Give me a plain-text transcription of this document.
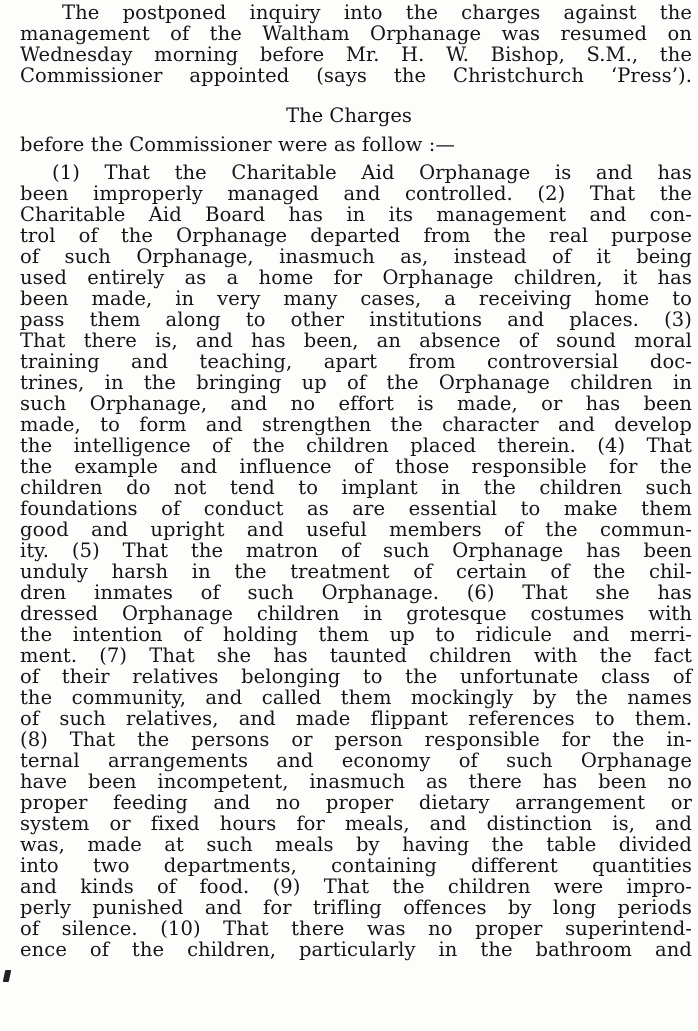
The postponed inquiry into the charges against the
management of the Waltham Orphanage was resumed on
Wednesday morning before Mr. H. W. Bishop, S.M., the
Commissioner appointed (says the Christchurch ‘Press’).
The Charges
before the Commissioner were as follow :—
(1) That the Charitable Aid Orphanage is and has
been improperly managed and controlled. (2) That the
Charitable Aid Board has in its management and con-
trol of the Orphanage departed from the real purpose
of such Orphanage, inasmuch as, instead of it being
used entirely as a home for Orphanage children, it has
been made, in very many cases, a receiving home to
pass them along to other institutions and places. (3)
That there is, and has been, an absence of sound moral
training and teaching, apart from controversial doc-
trines, in the bringing up of the Orphanage children in
such Orphanage, and no effort is made, or has been
made, to form and strengthen the character and develop
the intelligence of the children placed therein. (4) That
the example and influence of those responsible for the
children do not tend to implant in the children such
foundations of conduct as are essential to make them
good and upright and useful members of the commun-
ity. (5) That the matron of such Orphanage has been
unduly harsh in the treatment of certain of the chil-
dren inmates of such Orphanage. (6) That she has
dressed Orphanage children in grotesque costumes with
the intention of holding them up to ridicule and merri-
ment. (7) That she has taunted children with the fact
of their relatives belonging to the unfortunate class of
the community, and called them mockingly by the names
of such relatives, and made flippant references to them.
(8) That the persons or person responsible for the in-
ternal arrangements and economy of such Orphanage
have been incompetent, inasmuch as there has been no
proper feeding and no proper dietary arrangement or
system or fixed hours for meals, and distinction is, and
was, made at such meals by having the table divided
into two departments, containing different quantities
and kinds of food. (9) That the children were impro-
perly punished and for trifling offences by long periods
of silence. (10) That there was no proper superintend-
ence of the children, particularly in the bathroom and
